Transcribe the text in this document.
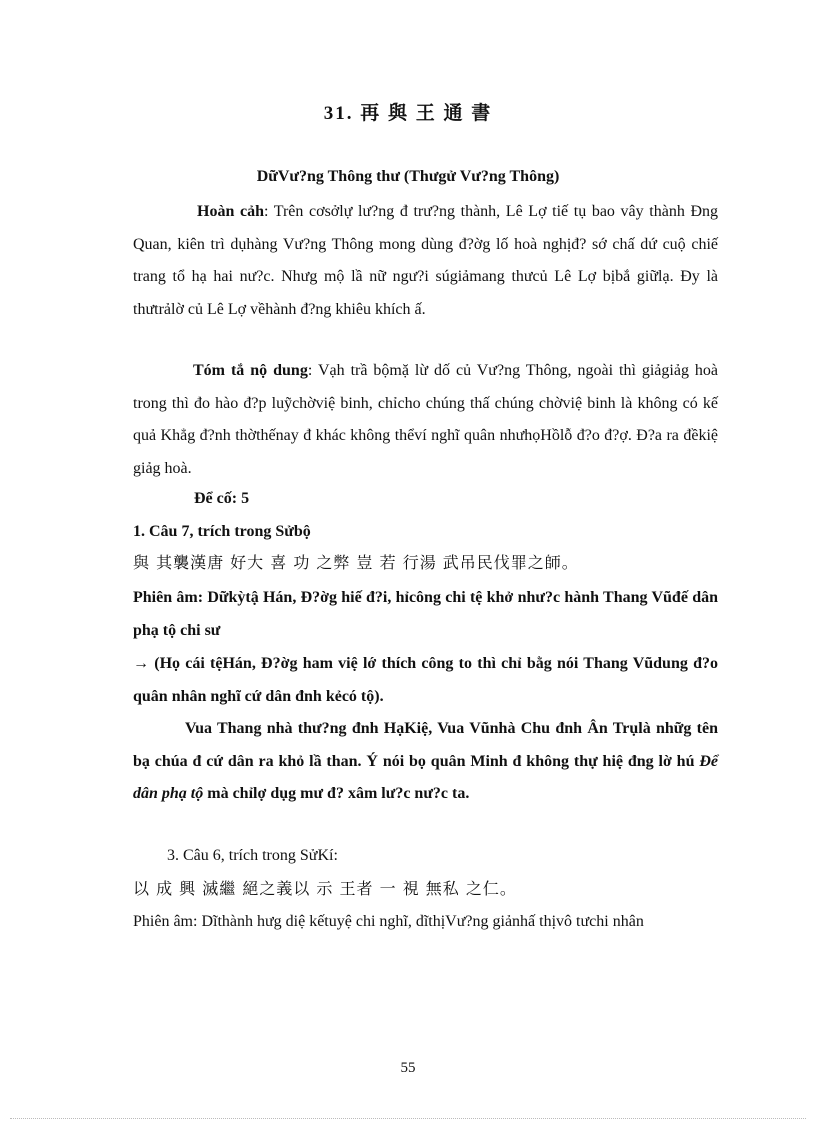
31. 再 與 王 通 書
DữVư?ng Thông thư (Thưgử Vư?ng Thông)

Hoàn cảh: Trên cơsởlự lư?ng đ trư?ng thành, Lê Lợ tiế tụ bao vây thành Đng Quan, kiên trì dụhàng Vư?ng Thông mong dùng đ?ờg lố hoà nghịđ? sớ chấ dứ cuộ chiế trang tổ hạ hai nư?c. Nhưg mộ lầ nữ ngư?i súgiảmang thưcủ Lê Lợ bịbắ giữlạ. Đy là thưtrảlờ củ Lê Lợ vềhành đ?ng khiêu khích ấ.

Tóm tắ nộ dung: Vạh trầ bộmặ lừ dố củ Vư?ng Thông, ngoài thì giảgiảg hoà trong thì đo hào đ?p luỹchờviệ binh, chỉcho chúng thấ chúng chờviệ binh là không có kế quả Khẳg đ?nh thờthếnay đ khác không thểví nghĩ quân nhưhọHồlỗ đ?o đ?ợ. Đ?a ra đềkiệ giảg hoà.

Để cố: 5
1. Câu 7, trích trong Sửbộ
與 其襲漢唐 好大 喜 功 之弊 豈 若 行湯 武吊民伐罪之師。

Phiên âm: Dữkỳtậ Hán, Đ?ờg hiế đ?i, hỉcông chi tệ khở như?c hành Thang Vũđế dân phạ tộ chi sư

→ (Họ cái tệHán, Đ?ờg ham việ lớ thích công to thì chỉ bằg nói Thang Vũdung đ?o quân nhân nghĩ cứ dân đnh kẻcó tộ).

Vua Thang nhà thư?ng đnh HạKiệ, Vua Vũnhà Chu đnh Ân Trụlà nhữg tên bạ chúa đ cứ dân ra khỏ lầ than. Ý nói bọ quân Minh đ không thự hiệ đng lờ hú Để dân phạ tộ mà chỉlợ dụg mư đ? xâm lư?c nư?c ta.

3. Câu 6, trích trong SửKí:
以 成 興 滅繼 絕之義以 示 王者 一 視 無私 之仁。

Phiên âm: Dĩthành hưg diệ kếtuyệ chi nghĩ, dĩthịVư?ng giảnhấ thịvô tưchi nhân

55
